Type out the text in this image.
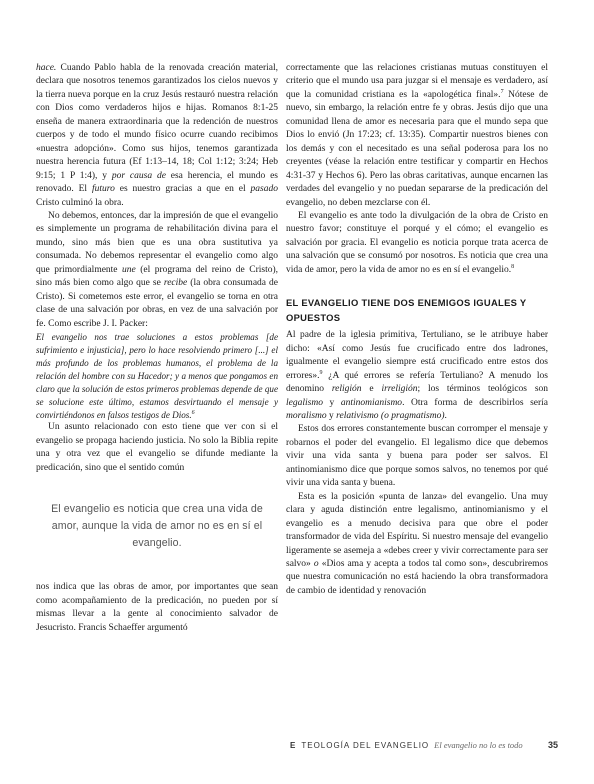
hace. Cuando Pablo habla de la renovada creación material, declara que nosotros tenemos garantizados los cielos nuevos y la tierra nueva porque en la cruz Jesús restauró nuestra relación con Dios como verdaderos hijos e hijas. Romanos 8:1-25 enseña de manera extraordinaria que la redención de nuestros cuerpos y de todo el mundo físico ocurre cuando recibimos «nuestra adopción». Como sus hijos, tenemos garantizada nuestra herencia futura (Ef 1:13–14, 18; Col 1:12; 3:24; Heb 9:15; 1 P 1:4), y por causa de esa herencia, el mundo es renovado. El futuro es nuestro gracias a que en el pasado Cristo culminó la obra.

No debemos, entonces, dar la impresión de que el evangelio es simplemente un programa de rehabilitación divina para el mundo, sino más bien que es una obra sustitutiva ya consumada. No debemos representar el evangelio como algo que primordialmente une (el programa del reino de Cristo), sino más bien como algo que se recibe (la obra consumada de Cristo). Si cometemos este error, el evangelio se torna en otra clase de una salvación por obras, en vez de una salvación por fe. Como escribe J. I. Packer:

El evangelio nos trae soluciones a estos problemas [de sufrimiento e injusticia], pero lo hace resolviendo primero [...] el más profundo de los problemas humanos, el problema de la relación del hombre con su Hacedor; y a menos que pongamos en claro que la solución de estos primeros problemas depende de que se solucione este último, estamos desvirtuando el mensaje y convirtiéndonos en falsos testigos de Dios.$^6$

Un asunto relacionado con esto tiene que ver con si el evangelio se propaga haciendo justicia. No solo la Biblia repite una y otra vez que el evangelio se difunde mediante la predicación, sino que el sentido común

El evangelio es noticia que crea una vida de amor, aunque la vida de amor no es en sí el evangelio.

nos indica que las obras de amor, por importantes que sean como acompañamiento de la predicación, no pueden por sí mismas llevar a la gente al conocimiento salvador de Jesucristo. Francis Schaeffer argumentó

correctamente que las relaciones cristianas mutuas constituyen el criterio que el mundo usa para juzgar si el mensaje es verdadero, así que la comunidad cristiana es la «apologética final».$^7$ Nótese de nuevo, sin embargo, la relación entre fe y obras. Jesús dijo que una comunidad llena de amor es necesaria para que el mundo sepa que Dios lo envió (Jn 17:23; cf. 13:35). Compartir nuestros bienes con los demás y con el necesitado es una señal poderosa para los no creyentes (véase la relación entre testificar y compartir en Hechos 4:31-37 y Hechos 6). Pero las obras caritativas, aunque encarnen las verdades del evangelio y no puedan separarse de la predicación del evangelio, no deben mezclarse con él.

El evangelio es ante todo la divulgación de la obra de Cristo en nuestro favor; constituye el porqué y el cómo; el evangelio es salvación por gracia. El evangelio es noticia porque trata acerca de una salvación que se consumó por nosotros. Es noticia que crea una vida de amor, pero la vida de amor no es en sí el evangelio.$^8$

EL EVANGELIO TIENE DOS ENEMIGOS IGUALES Y OPUESTOS

Al padre de la iglesia primitiva, Tertuliano, se le atribuye haber dicho: «Así como Jesús fue crucificado entre dos ladrones, igualmente el evangelio siempre está crucificado entre estos dos errores».$^9$ ¿A qué errores se refería Tertuliano? A menudo los denomino religión e irreligión; los términos teológicos son legalismo y antinomianismo. Otra forma de describirlos sería moralismo y relativismo (o pragmatismo).

Estos dos errores constantemente buscan corromper el mensaje y robarnos el poder del evangelio. El legalismo dice que debemos vivir una vida santa y buena para poder ser salvos. El antinomianismo dice que porque somos salvos, no tenemos por qué vivir una vida santa y buena.

Esta es la posición «punta de lanza» del evangelio. Una muy clara y aguda distinción entre legalismo, antinomianismo y el evangelio es a menudo decisiva para que obre el poder transformador de vida del Espíritu. Si nuestro mensaje del evangelio ligeramente se asemeja a «debes creer y vivir correctamente para ser salvo» o «Dios ama y acepta a todos tal como son», descubriremos que nuestra comunicación no está haciendo la obra transformadora de cambio de identidad y renovación

E TEOLOGÍA DEL EVANGELIO El evangelio no lo es todo	35
